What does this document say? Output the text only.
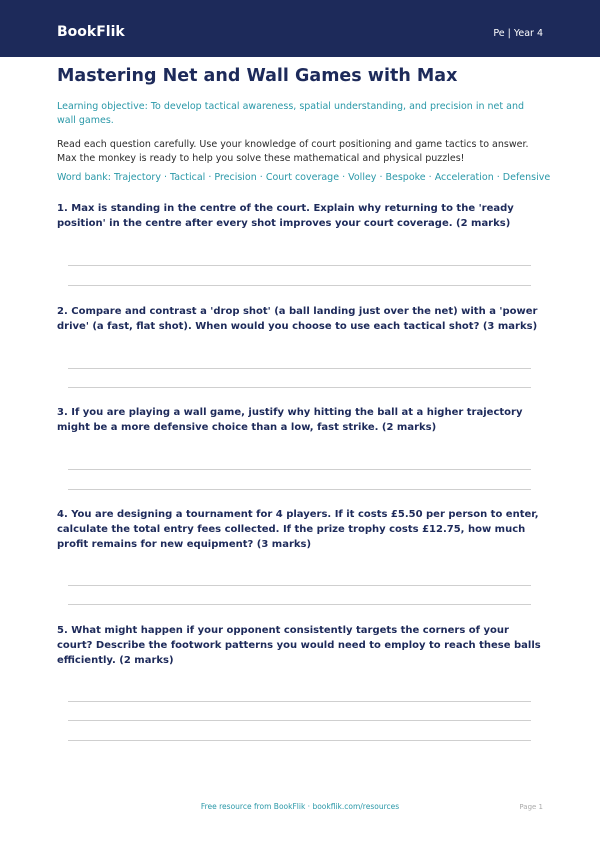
BookFlik	Pe | Year 4
Mastering Net and Wall Games with Max

Learning objective: To develop tactical awareness, spatial understanding, and precision in net and wall games.

Read each question carefully. Use your knowledge of court positioning and game tactics to answer. Max the monkey is ready to help you solve these mathematical and physical puzzles!

Word bank: Trajectory · Tactical · Precision · Court coverage · Volley · Bespoke · Acceleration · Defensive

1. Max is standing in the centre of the court. Explain why returning to the 'ready position' in the centre after every shot improves your court coverage. (2 marks)

2. Compare and contrast a 'drop shot' (a ball landing just over the net) with a 'power drive' (a fast, flat shot). When would you choose to use each tactical shot? (3 marks)

3. If you are playing a wall game, justify why hitting the ball at a higher trajectory might be a more defensive choice than a low, fast strike. (2 marks)

4. You are designing a tournament for 4 players. If it costs £5.50 per person to enter, calculate the total entry fees collected. If the prize trophy costs £12.75, how much profit remains for new equipment? (3 marks)

5. What might happen if your opponent consistently targets the corners of your court? Describe the footwork patterns you would need to employ to reach these balls efficiently. (2 marks)

Free resource from BookFlik · bookflik.com/resources	Page 1
